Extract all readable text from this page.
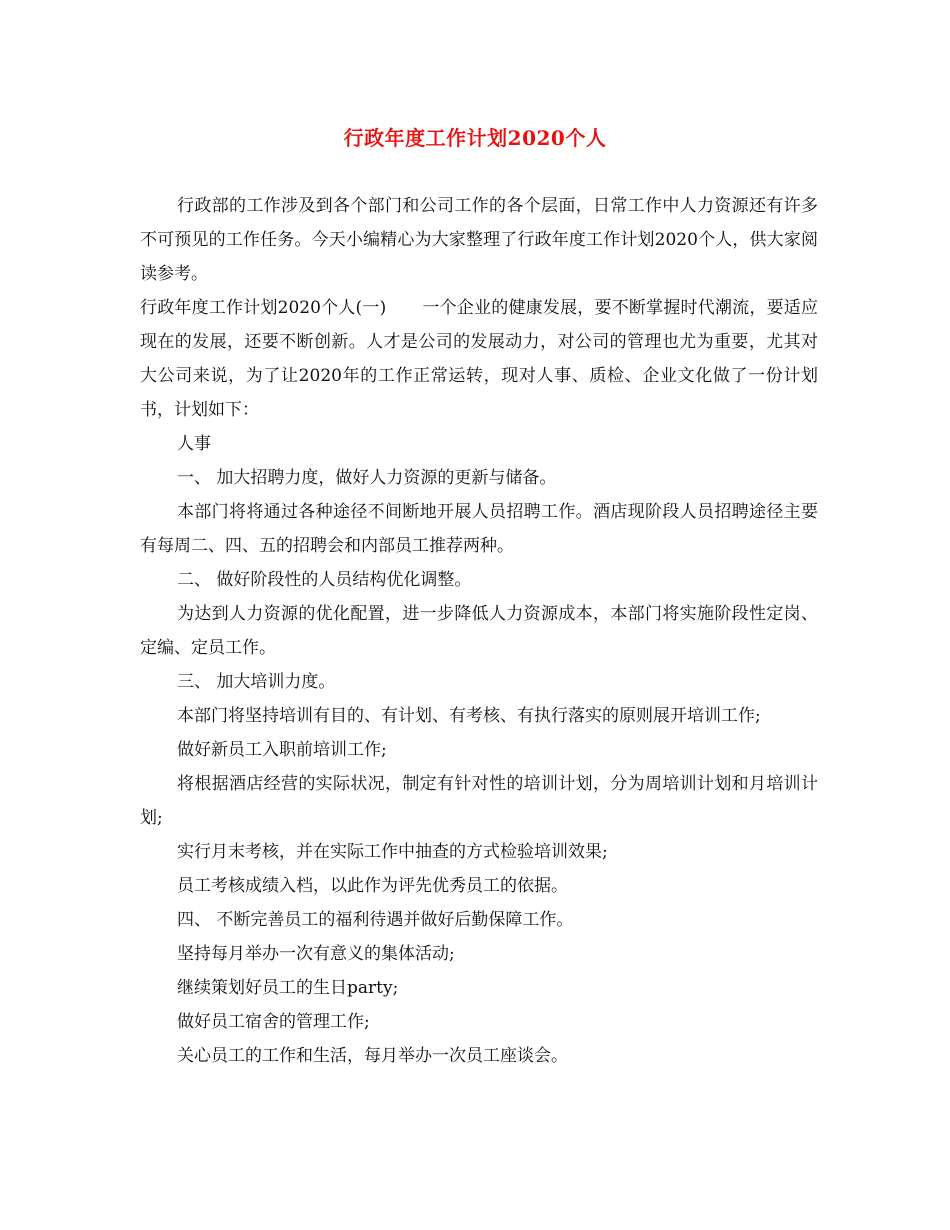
行政年度工作计划2020个人

行政部的工作涉及到各个部门和公司工作的各个层面，日常工作中人力资源还有许多不可预见的工作任务。今天小编精心为大家整理了行政年度工作计划2020个人，供大家阅读参考。

行政年度工作计划2020个人(一) 一个企业的健康发展，要不断掌握时代潮流，要适应现在的发展，还要不断创新。人才是公司的发展动力，对公司的管理也尤为重要，尤其对大公司来说，为了让2020年的工作正常运转，现对人事、质检、企业文化做了一份计划书，计划如下：

人事

一、 加大招聘力度，做好人力资源的更新与储备。

本部门将将通过各种途径不间断地开展人员招聘工作。酒店现阶段人员招聘途径主要有每周二、四、五的招聘会和内部员工推荐两种。

二、 做好阶段性的人员结构优化调整。

为达到人力资源的优化配置，进一步降低人力资源成本，本部门将实施阶段性定岗、定编、定员工作。

三、 加大培训力度。

本部门将坚持培训有目的、有计划、有考核、有执行落实的原则展开培训工作;

做好新员工入职前培训工作;

将根据酒店经营的实际状况，制定有针对性的培训计划，分为周培训计划和月培训计划;

实行月末考核，并在实际工作中抽查的方式检验培训效果;

员工考核成绩入档，以此作为评先优秀员工的依据。

四、 不断完善员工的福利待遇并做好后勤保障工作。

坚持每月举办一次有意义的集体活动;

继续策划好员工的生日party;

做好员工宿舍的管理工作;

关心员工的工作和生活，每月举办一次员工座谈会。
